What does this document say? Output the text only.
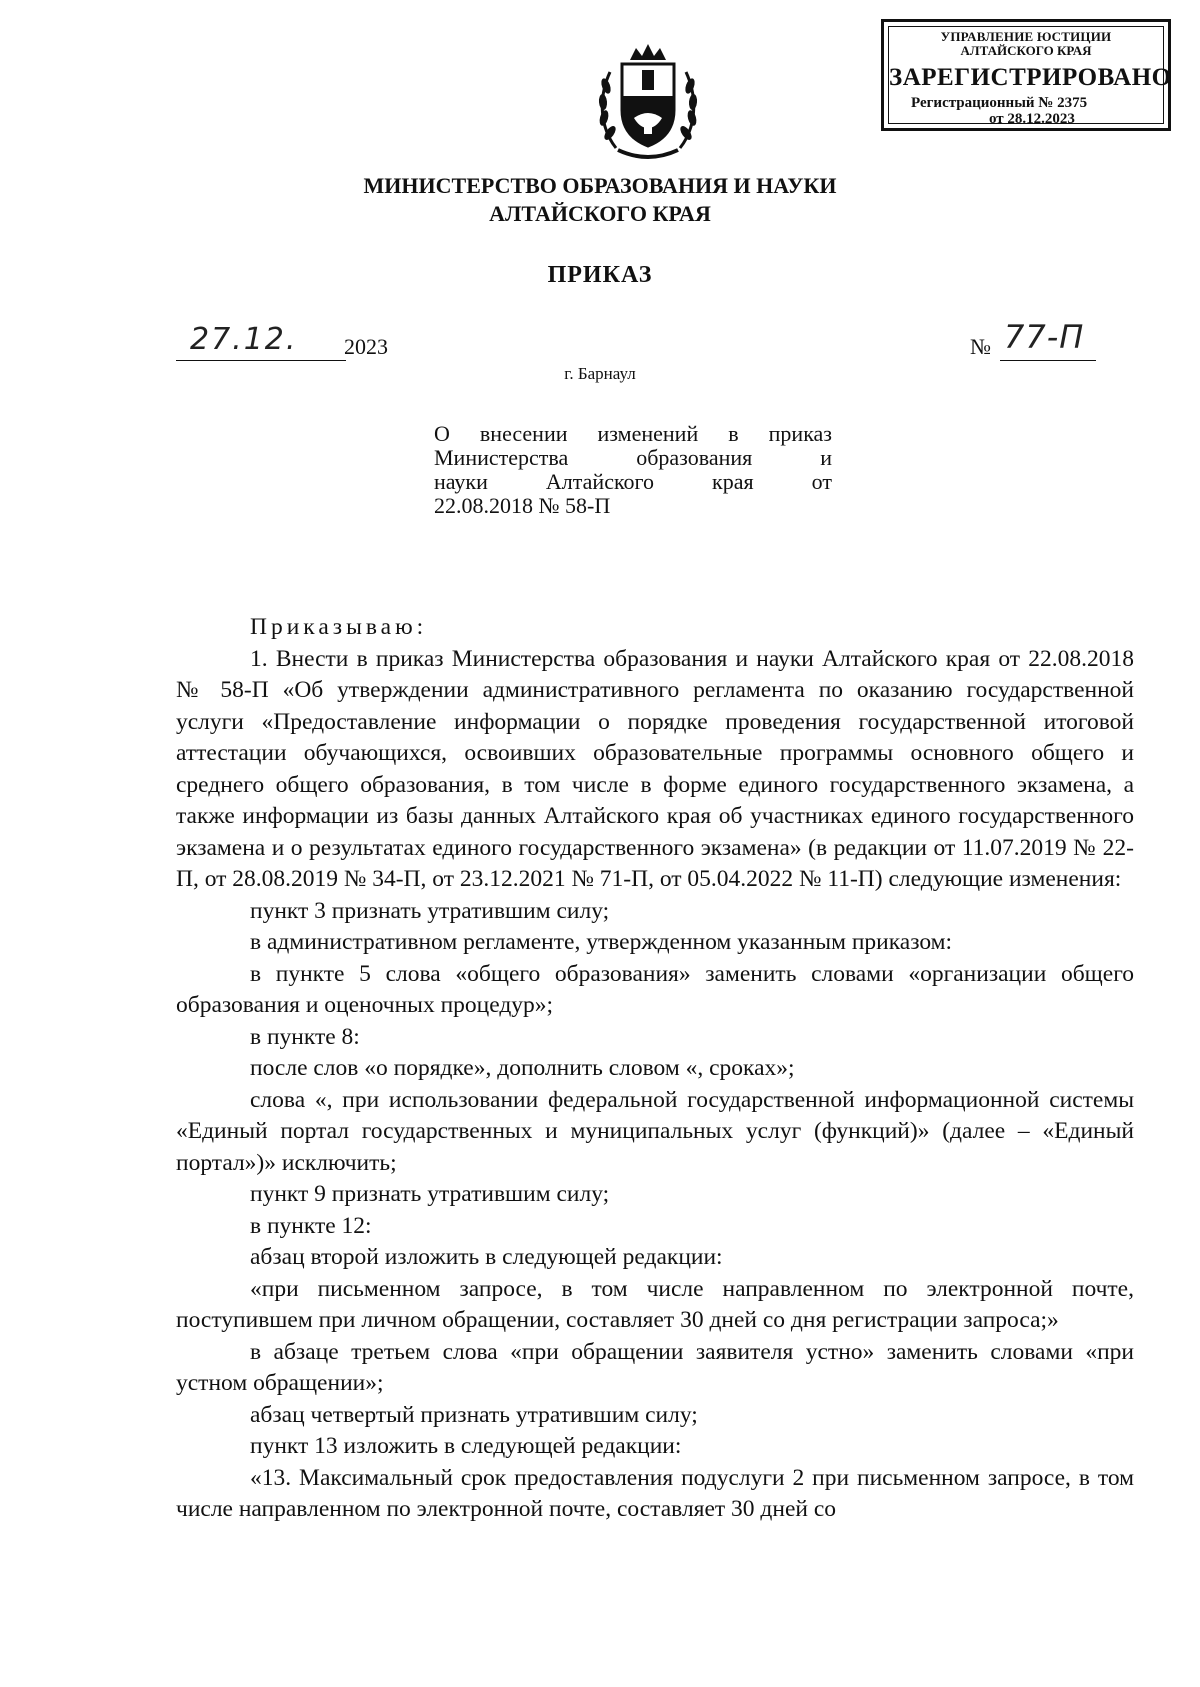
УПРАВЛЕНИЕ ЮСТИЦИИ
АЛТАЙСКОГО КРАЯ
ЗАРЕГИСТРИРОВАНО
Регистрационный № 2375
от 28.12.2023
МИНИСТЕРСТВО ОБРАЗОВАНИЯ И НАУКИ
АЛТАЙСКОГО КРАЯ
ПРИКАЗ
27.12. 2023	№ 77-П
г. Барнаул
О внесении изменений в приказ
Министерства образования и
науки Алтайского края от
22.08.2018 № 58-П

Приказываю:

1. Внести в приказ Министерства образования и науки Алтайского края от 22.08.2018 № 58-П «Об утверждении административного регламента по оказанию государственной услуги «Предоставление информации о порядке проведения государственной итоговой аттестации обучающихся, освоивших образовательные программы основного общего и среднего общего образования, в том числе в форме единого государственного экзамена, а также информации из базы данных Алтайского края об участниках единого государственного экзамена и о результатах единого государственного экзамена» (в редакции от 11.07.2019 № 22-П, от 28.08.2019 № 34-П, от 23.12.2021 № 71-П, от 05.04.2022 № 11-П) следующие изменения:

пункт 3 признать утратившим силу;

в административном регламенте, утвержденном указанным приказом:

в пункте 5 слова «общего образования» заменить словами «организации общего образования и оценочных процедур»;

в пункте 8:

после слов «о порядке», дополнить словом «, сроках»;

слова «, при использовании федеральной государственной информационной системы «Единый портал государственных и муниципальных услуг (функций)» (далее – «Единый портал»)» исключить;

пункт 9 признать утратившим силу;

в пункте 12:

абзац второй изложить в следующей редакции:

«при письменном запросе, в том числе направленном по электронной почте, поступившем при личном обращении, составляет 30 дней со дня регистрации запроса;»

в абзаце третьем слова «при обращении заявителя устно» заменить словами «при устном обращении»;

абзац четвертый признать утратившим силу;

пункт 13 изложить в следующей редакции:

«13. Максимальный срок предоставления подуслуги 2 при письменном запросе, в том числе направленном по электронной почте, составляет 30 дней со
